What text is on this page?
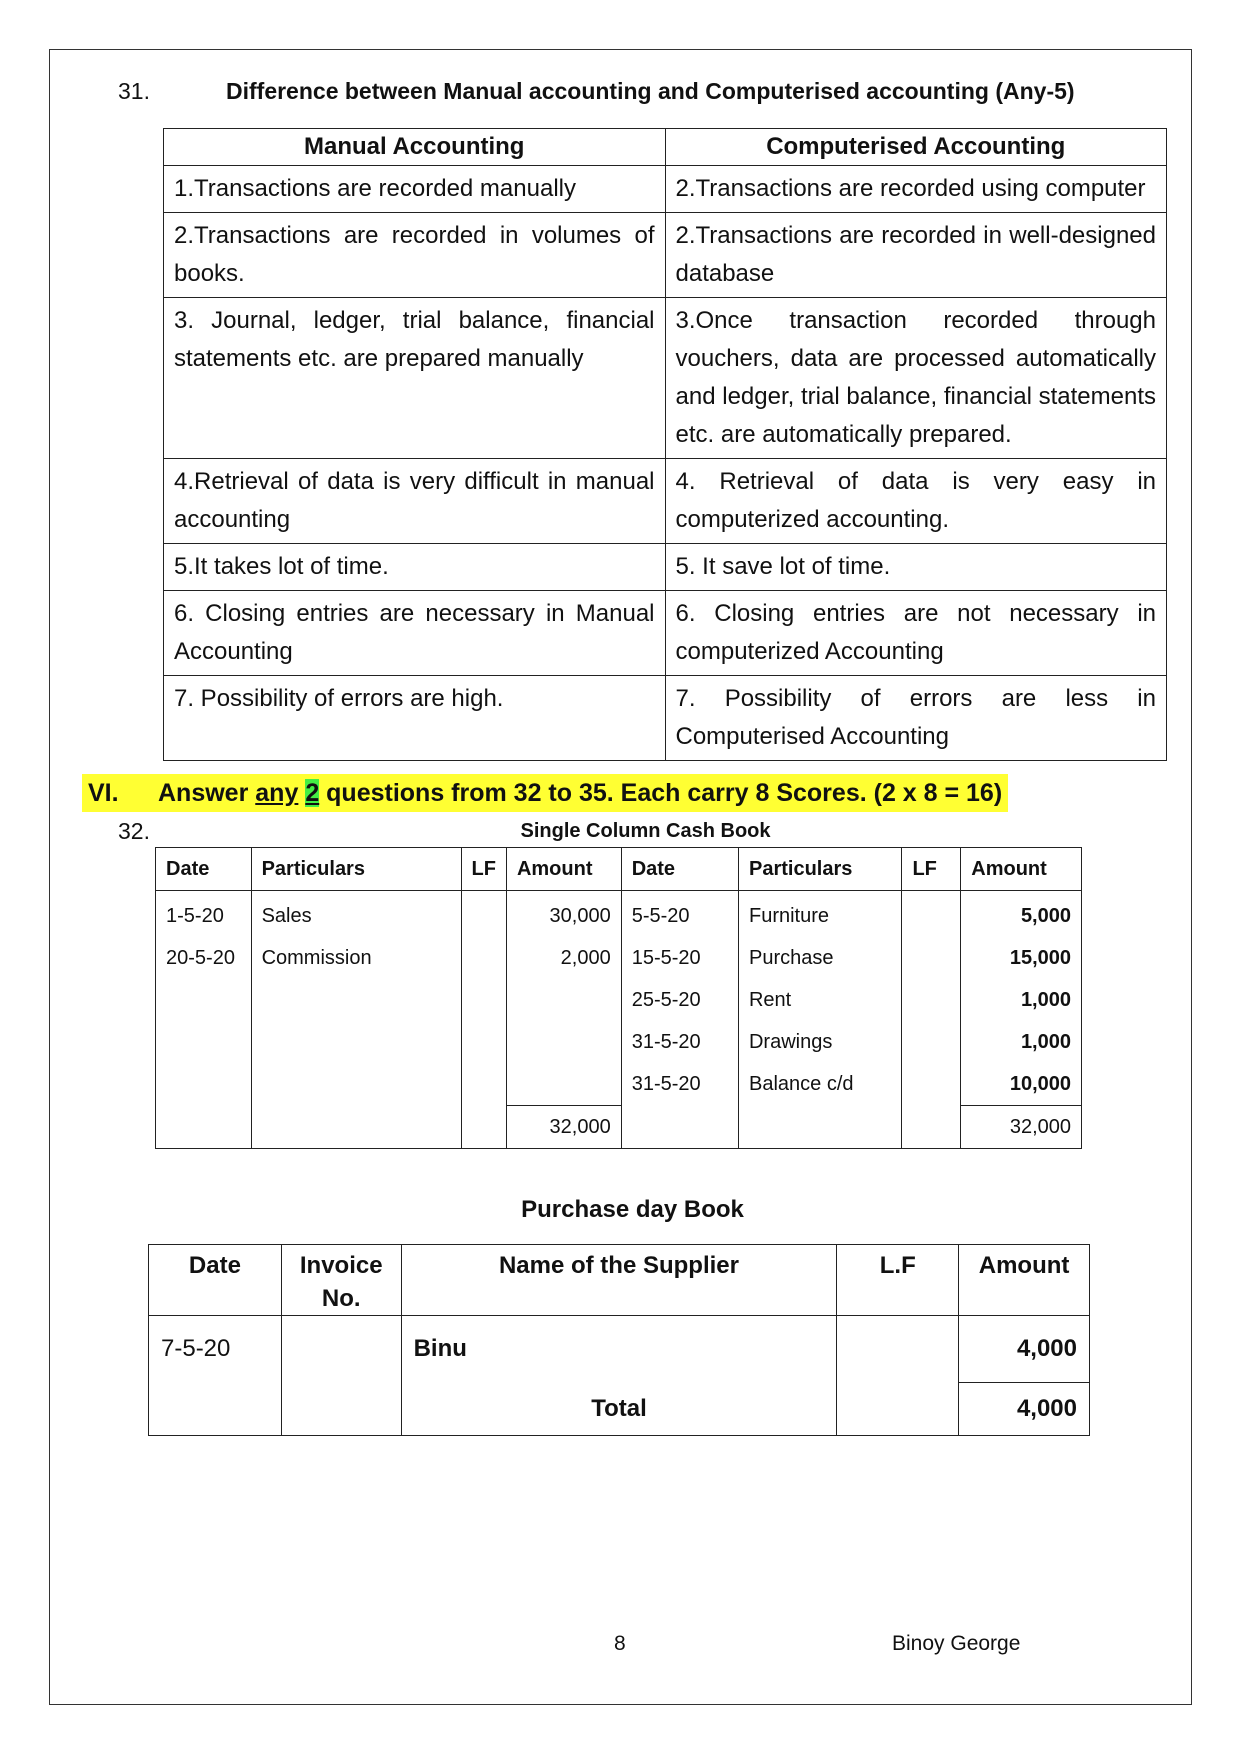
31.	Difference between Manual accounting and Computerised accounting (Any-5)
Manual Accounting	Computerised Accounting
1.Transactions are recorded manually	2.Transactions are recorded using computer
2.Transactions are recorded in volumes of books.	2.Transactions are recorded in well-designed database
3. Journal, ledger, trial balance, financial statements etc. are prepared manually	3.Once transaction recorded through vouchers, data are processed automatically and ledger, trial balance, financial statements etc. are automatically prepared.
4.Retrieval of data is very difficult in manual accounting	4. Retrieval of data is very easy in computerized accounting.
5.It takes lot of time.	5. It save lot of time.
6. Closing entries are necessary in Manual Accounting	6. Closing entries are not necessary in computerized Accounting
7. Possibility of errors are high.	7. Possibility of errors are less in Computerised Accounting
VI. Answer any 2 questions from 32 to 35. Each carry 8 Scores. (2 x 8 = 16)
32.	Single Column Cash Book
Date	Particulars	LF	Amount	Date	Particulars	LF	Amount
1-5-20	Sales		30,000	5-5-20	Furniture		5,000
20-5-20	Commission		2,000	15-5-20	Purchase		15,000
				25-5-20	Rent		1,000
				31-5-20	Drawings		1,000
				31-5-20	Balance c/d		10,000
			32,000				32,000
Purchase day Book
Date	Invoice No.	Name of the Supplier	L.F	Amount
7-5-20		Binu		4,000
		Total		4,000
8	Binoy George
